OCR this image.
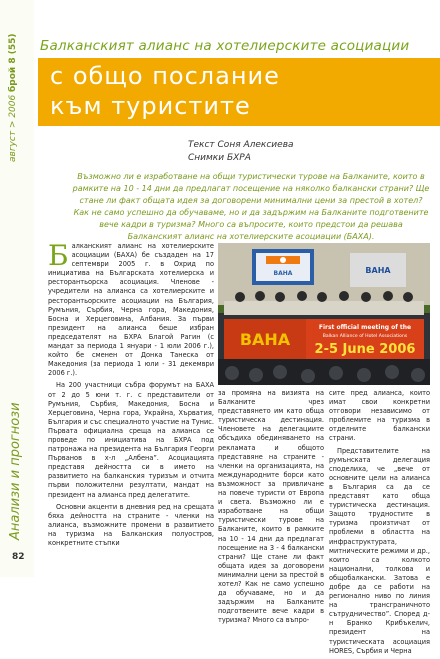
брой 8 (55)
август > 2006
Анализи и прогнози
Балканският алианс на хотелиерските асоциации
с общо послание
към туристите
Текст Соня Алексиева
Снимки БХРА
Възможно ли е изработване на общи туристически турове на Балканите, които в рамките на 10 - 14 дни да предлагат посещение на няколко балкански страни? Ще стане ли факт общата идея за договорени минимални цени за престой в хотел? Как не само успешно да обучаваме, но и да задържим на Балканите подготвените вече кадри в туризма? Много са въпросите, които предстои да решава Балканският алианс на хотелиерските асоциации (БАХА).
BAHA	BAHA
BAHA
First official meeting of the
Balkan Alliance of Hotel Associations
2-5 June 2006

Балканският алианс на хотелиерските асоциации (БАХА) бе създаден на 17 септември 2005 г. в Охрид по инициатива на Българската хотелиерска и ресторантьорска асоциация. Членове - учредители на алианса са хотелиерските и ресторантьорските асоциации на България, Румъния, Сърбия, Черна гора, Македония, Босна и Херцеговина, Албания. За първи президент на алианса беше избран председателят на БХРА Благой Рагин (с мандат за периода 1 януари - 1 юли 2006 г.), който бе сменен от Донка Танеска от Македония (за периода 1 юли - 31 декември 2006 г.).

На 200 участници събра форумът на БАХА от 2 до 5 юни т. г. с представители от Румъния, Сърбия, Македония, Босна и Херцеговина, Черна гора, Украйна, Хърватия, България и със специалното участие на Тунис. Първата официална среща на алианса се проведе по инициатива на БХРА под патронажа на президента на България Георги Първанов в х-л „Албена”. Асоциацията представя дейността си в името на развитието на балканския туризъм и отчита първи положителни резултати, мандат на президент на алианса пред делегатите.

Основни акценти в дневния ред на срещата бяха дейността на страните - членки на алианса, възможните промени в развитието на туризма на Балканския полуостров, конкретните стъпки

за промяна на визията на Балканите чрез представянето им като обща туристическа дестинация. Членовете на делегациите обсъдиха обединяването на рекламата и общото представяне на страните - членки на организацията, на международните борси като възможност за привличане на повече туристи от Европа и света. Възможно ли е изработване на общи туристически турове на Балканите, които в рамките на 10 - 14 дни да предлагат посещение на 3 - 4 балкански страни? Ще стане ли факт общата идея за договорени минимални цени за престой в хотел? Как не само успешно да обучаваме, но и да задържим на Балканите подготвените вече кадри в туризма? Много са въпро-

сите пред алианса, които имат свои конкретни отговори независимо от проблемите на туризма в отделните балкански страни.

Представителите на румънската делегация споделиха, че „вече от основните цели на алианса в България са да се представят като обща туристическа дестинация. Защото трудностите в туризма произтичат от проблеми в областта на инфраструктурата, митническите режими и др., които са колкото национални, толкова и общобалкански. Затова е добре да се работи на регионално ниво по линия на трансграничното сътрудничество”. Според д-н Бранко Крибъкелич, президент на туристическата асоциация HORES, Сърбия и Черна

82
